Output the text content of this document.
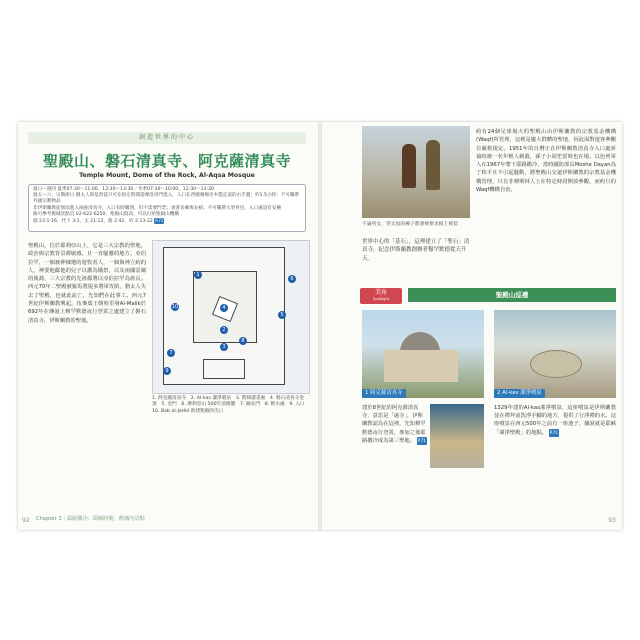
創造世界的中心
聖殿山、磐石清真寺、阿克薩清真寺
Temple Mount, Dome of the Rock, Al-Aqsa Mosque
週日～週四 夏季07:30～11:00、12:30～13:30／冬季07:30～10:00、12:30～13:30
週五～六、宗教節日 猶太人與基督徒只可在指定時間從摩洛哥門進入，入口在西牆廣場旁木製走道的右手邊；約1.5小時；不可攜帶外國宗教物品
非伊斯蘭教徒無法進入兩座清真寺，入口有時關閉，但不需要門票；須著長褲與長裙；不可攜帶大型背包，入口處設有安檢
路可參考舊城景點頁 02-622-6250；聖殿山資訊；可以打給聖殿山機構
創 23:1-16、代下 3:1、太 21:12、路 2:42、約 2:13-22 P.71
聖殿山，位於耶利亞山上，它是三大宗教的聖地，政治與宗教背景都敏感，且一直騷靈的地方。亞伯拉罕，一個被神揀選的遊牧者人，一個與神立約的人，神要他獻他的兒子以撒為燔祭，以及兩國雷爾的後裔，三大宗教的先祖都將以亞伯拉罕為族長。西元70年二聖殿被羅馬將提多將軍攻陷，猶太人失去了聖殿，也就此流亡，先知們在此事工。西元7世紀伊斯蘭教興起，伍麥葉王朝哈里發Al-Malik於692年在傳說上穆罕默德夜行登霄之處建立了磐石清真寺，伊斯蘭教的聖地。
1
4
2
3
5
6
7
8
9
10
1. 阿克薩清真寺　2. Al-kas 潔淨噴泉　3. 階梯讀書處　4. 磐石清真寺金頂　5. 金門　6. 摩利亞山 500年前圍牆　7. 錫安門　8. 飲水處　9. 入口　10. Bab al-Jedid 新建聖殿的出口
92 Chapter 3｜耶路撒冷：耶穌時期，舊城內景點
不論男女，穿太短的褲子都會被要求披上被套
約有24個足球場大的聖殿山由伊斯蘭教的宗教基金機構(Waqf)所管理，這裡是龐大群體的聖地，因此面對遊客參觀有嚴格規定。1951年的日曆正在伊斯蘭教清真寺入口處祈禱時被一名年輕人刺殺，孫子小胡笙當時也在場。以色列軍人在1967年奪下耶路撒冷，當時國防部長Moshe Dayan為了和平且不引起騷動，將聖殿山交還伊斯蘭教的宗教基金機構管理，只有非穆斯林人士在特定時段開放參觀，而約旦的Waqf機構自治。
世界中心的「基石」，這裡建立了「聖石」清真寺，紀念伊斯蘭教創辦者穆罕默德從天升天。
美角
Spotlight	聖殿山巡禮
1 阿克薩清真寺	2 Al-kas 潔淨噴泉
建於8世紀的阿克薩清真寺，意思是「遠寺」，伊斯蘭教認為在這裡，先知穆罕默德夜行登霄，麥加之後耶路撒冷成為第三聖地。 P.71
1329年建的Al-kas潔淨噴泉，這座噴泉是伊斯蘭教徒在禮拜前洗淨手腳的地方，提供了行淨禮的水。這座噴泉在西元500年之前有一座池子，據說就是耶穌「潔淨聖殿」的地點。 P.71
93
